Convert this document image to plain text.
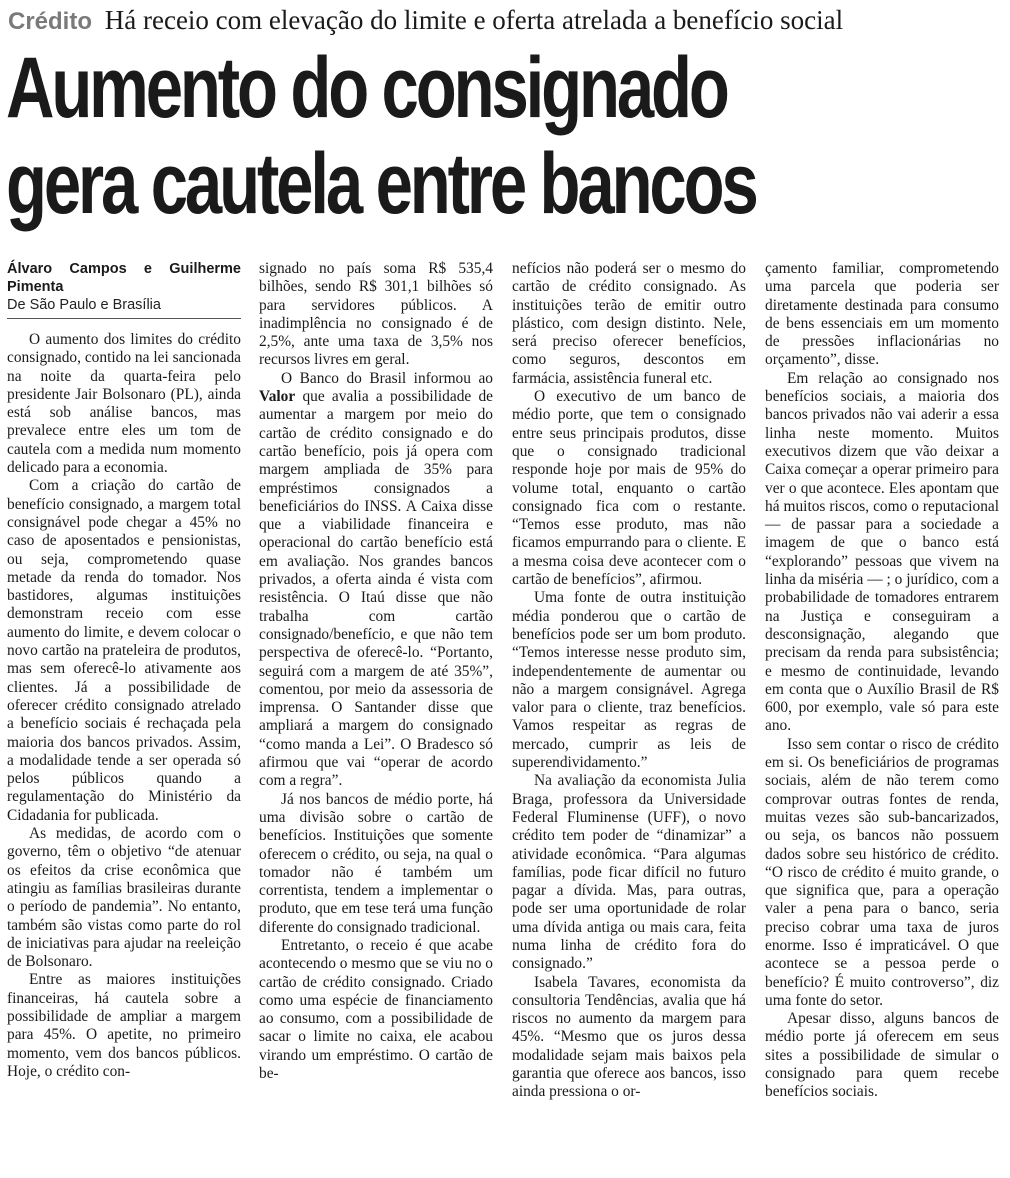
Crédito Há receio com elevação do limite e oferta atrelada a benefício social
Aumento do consignado
gera cautela entre bancos
Álvaro Campos e Guilherme Pimenta
De São Paulo e Brasília

O aumento dos limites do crédito consignado, contido na lei sancionada na noite da quarta-feira pelo presidente Jair Bolsonaro (PL), ainda está sob análise bancos, mas prevalece entre eles um tom de cautela com a medida num momento delicado para a economia.

Com a criação do cartão de benefício consignado, a margem total consignável pode chegar a 45% no caso de aposentados e pensionistas, ou seja, comprometendo quase metade da renda do tomador. Nos bastidores, algumas instituições demonstram receio com esse aumento do limite, e devem colocar o novo cartão na prateleira de produtos, mas sem oferecê-lo ativamente aos clientes. Já a possibilidade de oferecer crédito consignado atrelado a benefício sociais é rechaçada pela maioria dos bancos privados. Assim, a modalidade tende a ser operada só pelos públicos quando a regulamentação do Ministério da Cidadania for publicada.

As medidas, de acordo com o governo, têm o objetivo “de atenuar os efeitos da crise econômica que atingiu as famílias brasileiras durante o período de pandemia”. No entanto, também são vistas como parte do rol de iniciativas para ajudar na reeleição de Bolsonaro.

Entre as maiores instituições financeiras, há cautela sobre a possibilidade de ampliar a margem para 45%. O apetite, no primeiro momento, vem dos bancos públicos. Hoje, o crédito con-

signado no país soma R$ 535,4 bilhões, sendo R$ 301,1 bilhões só para servidores públicos. A inadimplência no consignado é de 2,5%, ante uma taxa de 3,5% nos recursos livres em geral.

O Banco do Brasil informou ao Valor que avalia a possibilidade de aumentar a margem por meio do cartão de crédito consignado e do cartão benefício, pois já opera com margem ampliada de 35% para empréstimos consignados a beneficiários do INSS. A Caixa disse que a viabilidade financeira e operacional do cartão benefício está em avaliação. Nos grandes bancos privados, a oferta ainda é vista com resistência. O Itaú disse que não trabalha com cartão consignado/benefício, e que não tem perspectiva de oferecê-lo. “Portanto, seguirá com a margem de até 35%”, comentou, por meio da assessoria de imprensa. O Santander disse que ampliará a margem do consignado “como manda a Lei”. O Bradesco só afirmou que vai “operar de acordo com a regra”.

Já nos bancos de médio porte, há uma divisão sobre o cartão de benefícios. Instituições que somente oferecem o crédito, ou seja, na qual o tomador não é também um correntista, tendem a implementar o produto, que em tese terá uma função diferente do consignado tradicional.

Entretanto, o receio é que acabe acontecendo o mesmo que se viu no o cartão de crédito consignado. Criado como uma espécie de financiamento ao consumo, com a possibilidade de sacar o limite no caixa, ele acabou virando um empréstimo. O cartão de be-

nefícios não poderá ser o mesmo do cartão de crédito consignado. As instituições terão de emitir outro plástico, com design distinto. Nele, será preciso oferecer benefícios, como seguros, descontos em farmácia, assistência funeral etc.

O executivo de um banco de médio porte, que tem o consignado entre seus principais produtos, disse que o consignado tradicional responde hoje por mais de 95% do volume total, enquanto o cartão consignado fica com o restante. “Temos esse produto, mas não ficamos empurrando para o cliente. E a mesma coisa deve acontecer com o cartão de benefícios”, afirmou.

Uma fonte de outra instituição média ponderou que o cartão de benefícios pode ser um bom produto. “Temos interesse nesse produto sim, independentemente de aumentar ou não a margem consignável. Agrega valor para o cliente, traz benefícios. Vamos respeitar as regras de mercado, cumprir as leis de superendividamento.”

Na avaliação da economista Julia Braga, professora da Universidade Federal Fluminense (UFF), o novo crédito tem poder de “dinamizar” a atividade econômica. “Para algumas famílias, pode ficar difícil no futuro pagar a dívida. Mas, para outras, pode ser uma oportunidade de rolar uma dívida antiga ou mais cara, feita numa linha de crédito fora do consignado.”

Isabela Tavares, economista da consultoria Tendências, avalia que há riscos no aumento da margem para 45%. “Mesmo que os juros dessa modalidade sejam mais baixos pela garantia que oferece aos bancos, isso ainda pressiona o or-

çamento familiar, comprometendo uma parcela que poderia ser diretamente destinada para consumo de bens essenciais em um momento de pressões inflacionárias no orçamento”, disse.

Em relação ao consignado nos benefícios sociais, a maioria dos bancos privados não vai aderir a essa linha neste momento. Muitos executivos dizem que vão deixar a Caixa começar a operar primeiro para ver o que acontece. Eles apontam que há muitos riscos, como o reputacional — de passar para a sociedade a imagem de que o banco está “explorando” pessoas que vivem na linha da miséria — ; o jurídico, com a probabilidade de tomadores entrarem na Justiça e conseguiram a desconsignação, alegando que precisam da renda para subsistência; e mesmo de continuidade, levando em conta que o Auxílio Brasil de R$ 600, por exemplo, vale só para este ano.

Isso sem contar o risco de crédito em si. Os beneficiários de programas sociais, além de não terem como comprovar outras fontes de renda, muitas vezes são sub-bancarizados, ou seja, os bancos não possuem dados sobre seu histórico de crédito. “O risco de crédito é muito grande, o que significa que, para a operação valer a pena para o banco, seria preciso cobrar uma taxa de juros enorme. Isso é impraticável. O que acontece se a pessoa perde o benefício? É muito controverso”, diz uma fonte do setor.

Apesar disso, alguns bancos de médio porte já oferecem em seus sites a possibilidade de simular o consignado para quem recebe benefícios sociais.
